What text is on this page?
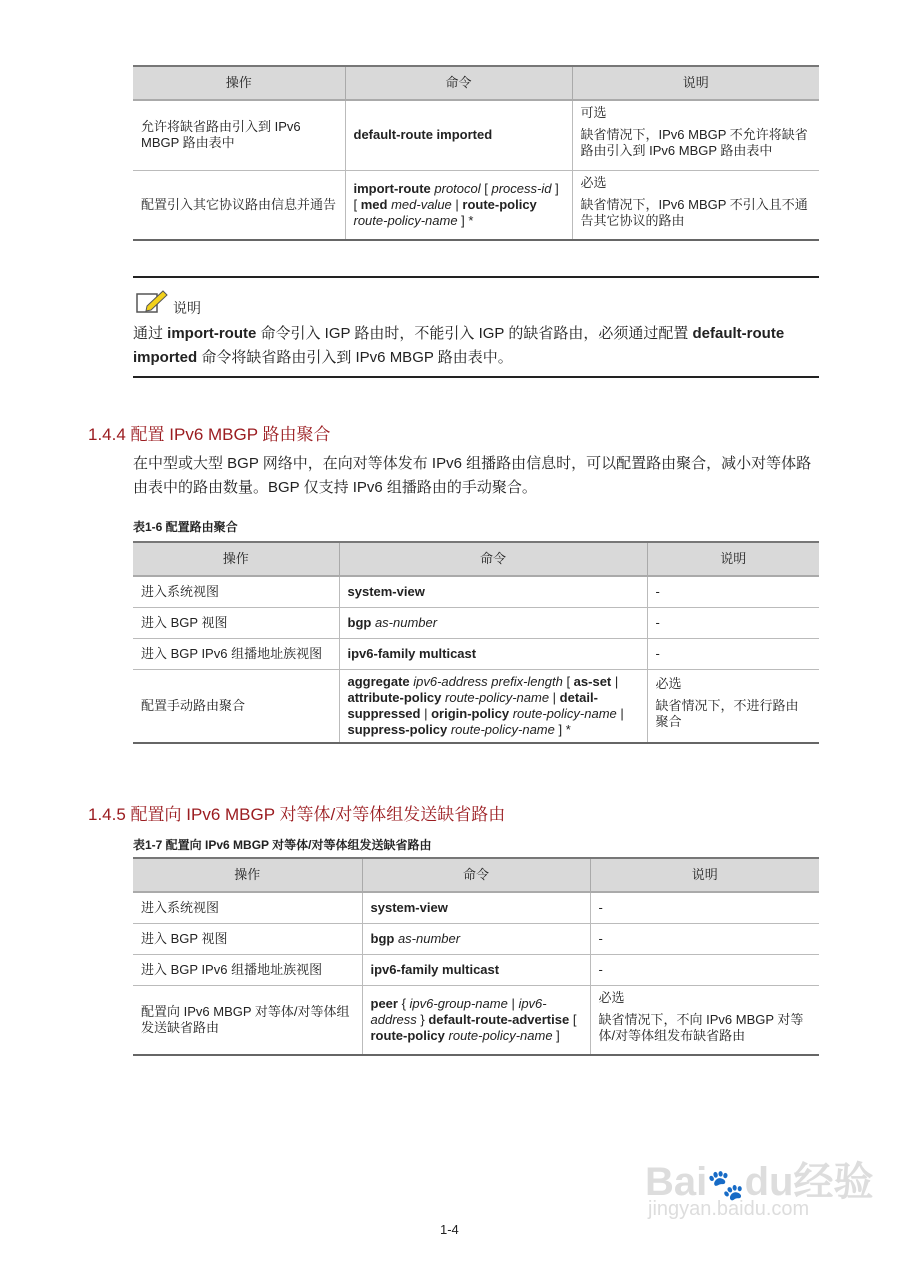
操作	命令	说明
允许将缺省路由引入到 IPv6 MBGP 路由表中	default-route imported	可选

缺省情况下，IPv6 MBGP 不允许将缺省路由引入到 IPv6 MBGP 路由表中

配置引入其它协议路由信息并通告	import-route protocol [ process-id ] [ med med-value | route-policy route-policy-name ] *	必选

缺省情况下，IPv6 MBGP 不引入且不通告其它协议的路由

说明
通过 import-route 命令引入 IGP 路由时，不能引入 IGP 的缺省路由，必须通过配置 default-route imported 命令将缺省路由引入到 IPv6 MBGP 路由表中。
1.4.4 配置 IPv6 MBGP 路由聚合
在中型或大型 BGP 网络中，在向对等体发布 IPv6 组播路由信息时，可以配置路由聚合，减小对等体路由表中的路由数量。BGP 仅支持 IPv6 组播路由的手动聚合。
表1-6 配置路由聚合
操作	命令	说明
进入系统视图	system-view	-
进入 BGP 视图	bgp as-number	-
进入 BGP IPv6 组播地址族视图	ipv6-family multicast	-
配置手动路由聚合	aggregate ipv6-address prefix-length [ as-set | attribute-policy route-policy-name | detail-suppressed | origin-policy route-policy-name | suppress-policy route-policy-name ] *	必选

缺省情况下，不进行路由聚合

1.4.5 配置向 IPv6 MBGP 对等体/对等体组发送缺省路由
表1-7 配置向 IPv6 MBGP 对等体/对等体组发送缺省路由
操作	命令	说明
进入系统视图	system-view	-
进入 BGP 视图	bgp as-number	-
进入 BGP IPv6 组播地址族视图	ipv6-family multicast	-
配置向 IPv6 MBGP 对等体/对等体组发送缺省路由	peer { ipv6-group-name | ipv6-address } default-route-advertise [ route-policy route-policy-name ]	必选

缺省情况下，不向 IPv6 MBGP 对等体/对等体组发布缺省路由

Bai🐾du经验
jingyan.baidu.com
1-4
